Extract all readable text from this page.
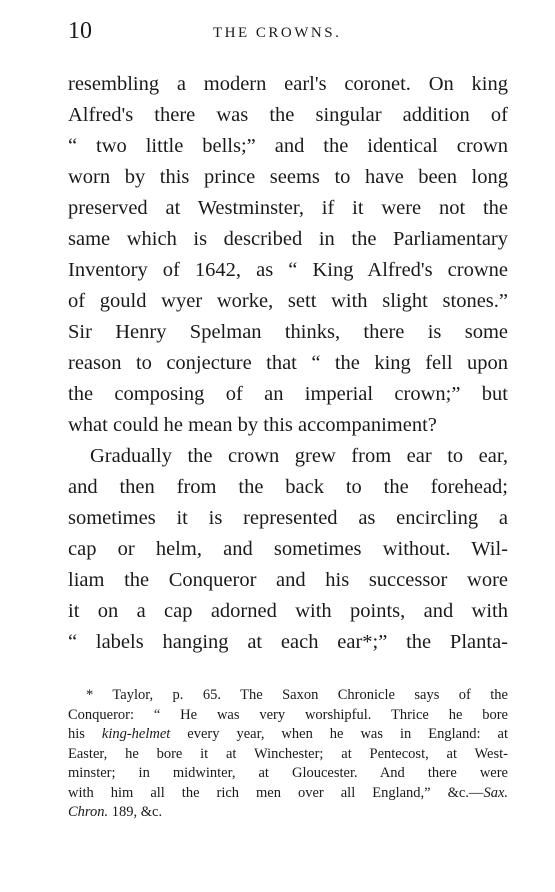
10	THE CROWNS.
resembling a modern earl's coronet. On king
Alfred's there was the singular addition of
“ two little bells;” and the identical crown
worn by this prince seems to have been long
preserved at Westminster, if it were not the
same which is described in the Parliamentary
Inventory of 1642, as “ King Alfred's crowne
of gould wyer worke, sett with slight stones.”
Sir Henry Spelman thinks, there is some
reason to conjecture that “ the king fell upon
the composing of an imperial crown;” but
what could he mean by this accompaniment?
Gradually the crown grew from ear to ear,
and then from the back to the forehead;
sometimes it is represented as encircling a
cap or helm, and sometimes without. Wil-
liam the Conqueror and his successor wore
it on a cap adorned with points, and with
“ labels hanging at each ear*;” the Planta-
* Taylor, p. 65. The Saxon Chronicle says of the
Conqueror: “ He was very worshipful. Thrice he bore
his king-helmet every year, when he was in England: at
Easter, he bore it at Winchester; at Pentecost, at West-
minster; in midwinter, at Gloucester. And there were
with him all the rich men over all England,” &c.—Sax.
Chron. 189, &c.
